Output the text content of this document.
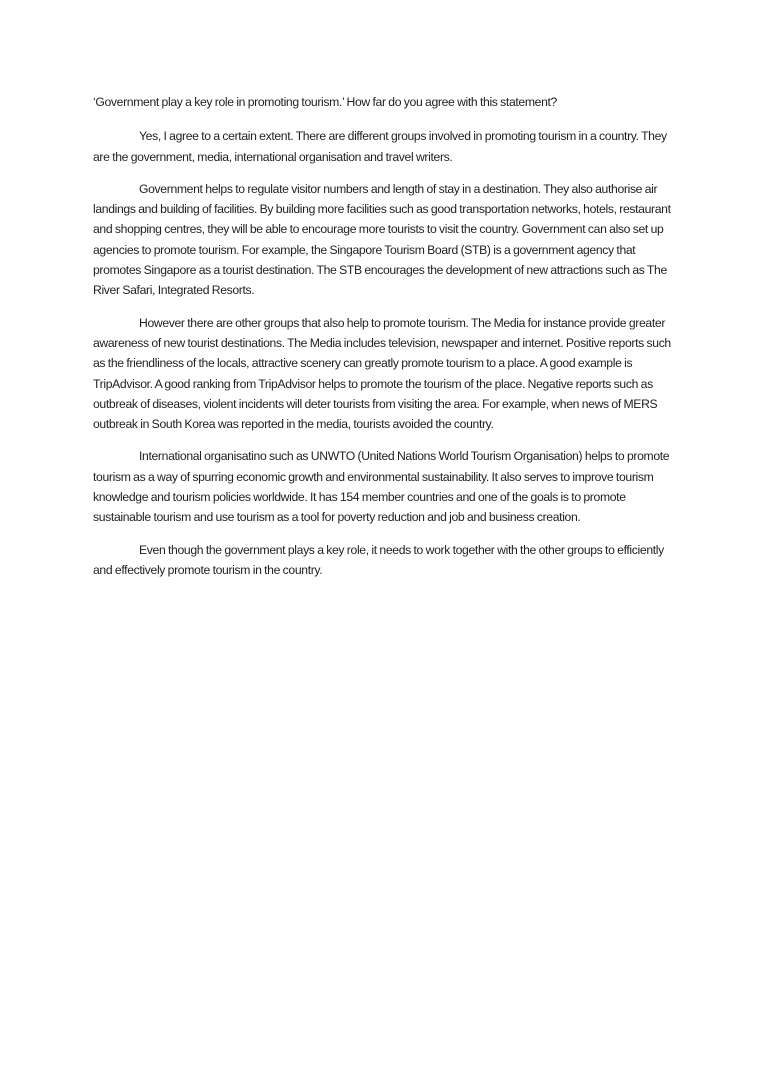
‘Government play a key role in promoting tourism.’ How far do you agree with this statement?

Yes, I agree to a certain extent. There are different groups involved in promoting tourism in a country. They are the government, media, international organisation and travel writers.

Government helps to regulate visitor numbers and length of stay in a destination. They also authorise air landings and building of facilities. By building more facilities such as good transportation networks, hotels, restaurant and shopping centres, they will be able to encourage more tourists to visit the country. Government can also set up agencies to promote tourism. For example, the Singapore Tourism Board (STB) is a government agency that promotes Singapore as a tourist destination. The STB encourages the development of new attractions such as The River Safari, Integrated Resorts.

However there are other groups that also help to promote tourism. The Media for instance provide greater awareness of new tourist destinations. The Media includes television, newspaper and internet. Positive reports such as the friendliness of the locals, attractive scenery can greatly promote tourism to a place. A good example is TripAdvisor. A good ranking from TripAdvisor helps to promote the tourism of the place. Negative reports such as outbreak of diseases, violent incidents will deter tourists from visiting the area. For example, when news of MERS outbreak in South Korea was reported in the media, tourists avoided the country.

International organisatino such as UNWTO (United Nations World Tourism Organisation) helps to promote tourism as a way of spurring economic growth and environmental sustainability. It also serves to improve tourism knowledge and tourism policies worldwide. It has 154 member countries and one of the goals is to promote sustainable tourism and use tourism as a tool for poverty reduction and job and business creation.

Even though the government plays a key role, it needs to work together with the other groups to efficiently and effectively promote tourism in the country.
